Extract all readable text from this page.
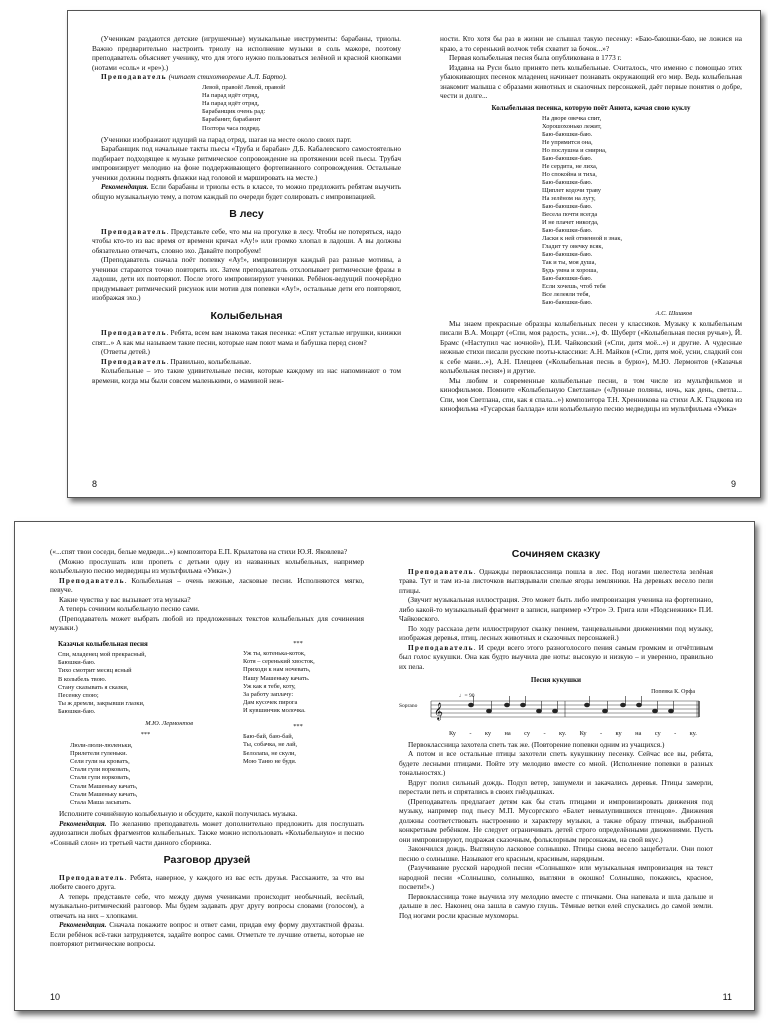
(Ученикам раздаются детские (игрушечные) музыкальные инструменты: барабаны, триолы. Важно предварительно настроить триолу на исполнение музыки в соль мажоре, поэтому преподаватель объясняет ученику, что для этого нужно пользоваться зелёной и красной кнопками (нотами «соль» и «ре»).)

Преподаватель (читает стихотворение А.Л. Барто).

Левой, правой! Левой, правой!
На парад идёт отряд,
На парад идёт отряд,
Барабанщик очень рад:
Барабанит, барабанит
Полтора часа подряд.

(Ученики изображают идущий на парад отряд, шагая на месте около своих парт.

Барабанщик под начальные такты пьесы «Труба и барабан» Д.Б. Кабалевского самостоятельно подбирает подходящее к музыке ритмическое сопровождение на протяжении всей пьесы. Трубач импровизирует мелодию на фоне поддерживающего фортепианного сопровождения. Остальные ученики должны поднять флажки над головой и маршировать на месте.)

Рекомендация. Если барабаны и триолы есть в классе, то можно предложить ребятам выучить общую музыкальную тему, а потом каждый по очереди будет солировать с импровизацией.

В лесу

Преподаватель. Представьте себе, что мы на прогулке в лесу. Чтобы не потеряться, надо чтобы кто-то из вас время от времени кричал «Ау!» или громко хлопал в ладоши. А вы должны обязательно отвечать, словно эхо. Давайте попробуем!

(Преподаватель сначала поёт попевку «Ау!», импровизируя каждый раз разные мотивы, а ученики стараются точно повторить их. Затем преподаватель отхлопывает ритмические фразы в ладоши, дети их повторяют. После этого импровизируют ученики. Ребёнок-ведущий поочерёдно придумывает ритмический рисунок или мотив для попевки «Ау!», остальные дети его повторяют, изображая эхо.)

Колыбельная

Преподаватель. Ребята, всем вам знакома такая песенка: «Спят усталые игрушки, книжки спят...» А как мы называем такие песни, которые нам поют мама и бабушка перед сном?

(Ответы детей.)

Преподаватель. Правильно, колыбельные.

Колыбельные – это такие удивительные песни, которые каждому из нас напоминают о том времени, когда мы были совсем маленькими, о маминой неж-

8

ности. Кто хотя бы раз в жизни не слышал такую песенку: «Баю-баюшки-баю, не ложися на краю, а то серенький волчок тебя схватит за бочок...»?

Первая колыбельная песня была опубликована в 1773 г.

Издавна на Руси было принято петь колыбельные. Считалось, что именно с помощью этих убаюкивающих песенок младенец начинает познавать окружающий его мир. Ведь колыбельная знакомит малыша с образами животных и сказочных персонажей, даёт первые понятия о добре, чести и долге...

Колыбельная песенка, которую поёт Анюта, качая свою куклу
На дворе овечка спит,
Хорошохонько лежит,
Баю-баюшки-баю.
Не упрямится она,
Но послушна и смирна,
Баю-баюшки-баю.
Не сердита, не лиха,
Но спокойна и тиха,
Баю-баюшки-баю.
Щиплет кодочи траву
На зелёном на лугу,
Баю-баюшки-баю.
Весела почти всегда
И не плачет никогда,
Баю-баюшки-баю.
Ласки к ней отменной в знак,
Гладит ту овечку всяк,
Баю-баюшки-баю.
Так и ты, моя душа,
Будь умна и хороша,
Баю-баюшки-баю.
Если хочешь, чтоб тебя
Все лелеяли тебя,
Баю-баюшки-баю.
А.С. Шишков

Мы знаем прекрасные образцы колыбельных песен у классиков. Музыку к колыбельным писали В.А. Моцарт («Спи, моя радость, усни...»), Ф. Шуберт («Колыбельная песня ручья»), Й. Брамс («Наступил час ночной»), П.И. Чайковский («Спи, дитя моё...») и другие. А чудесные нежные стихи писали русские поэты-классики: А.Н. Майков («Спи, дитя моё, усни, сладкий сон к себе мани...»), А.Н. Плещеев («Колыбельная песнь в бурю»), М.Ю. Лермонтов («Казачья колыбельная песня») и другие.

Мы любим и современные колыбельные песни, в том числе из мультфильмов и кинофильмов. Помните «Колыбельную Светланы» («Лунные поляны, ночь, как день, светла... Спи, моя Светлана, спи, как я спала...») композитора Т.Н. Хренникова на стихи А.К. Гладкова из кинофильма «Гусарская баллада» или колыбельную песню медведицы из мультфильма «Умка»

9

(«...спят твои соседи, белые медведи...») композитора Е.П. Крылатова на стихи Ю.Я. Яковлева?

(Можно прослушать или пропеть с детьми одну из названных колыбельных, например колыбельную песню медведицы из мультфильма «Умка».)

Преподаватель. Колыбельная – очень нежные, ласковые песни. Исполняются мягко, певуче.

Какие чувства у вас вызывает эта музыка?

А теперь сочиним колыбельную песню сами.

(Преподаватель может выбрать любой из предложенных текстов колыбельных для сочинения музыки.)

Казачья колыбельная песня
Спи, младенец мой прекрасный,
Баюшки-баю.
Тихо смотрит месяц ясный
В колыбель твою.
Стану сказывать я сказки,
Песенку спою;
Ты ж дремли, закрывши глазки,
Баюшки-баю.
М.Ю. Лермонтов
***
Люли-люли-люленьки,
Прилетели гуленьки.
Сели гули на кроватъ,
Стали гули ворковать,
Стали гули ворковать,
Стали Машеньку качать,
Стали Машеньку качать,
Стала Маша засыпать.
***
Уж ты, котенька-коток,
Котя – серенький хвосток,
Приходи к нам ночевать,
Нашу Машеньку качать.
Уж как я тебе, коту,
За работу заплачу:
Дам кусочек пирога
И кувшинчик молочка.
***
Баю-бай, баю-бай,
Ты, собачка, не лай,
Белолапа, не скули,
Мою Таню не буди.

Исполните сочинённую колыбельную и обсудите, какой получилась музыка.

Рекомендация. По желанию преподаватель может дополнительно предложить для послушать аудиозаписи любых фрагментов колыбельных. Также можно использовать «Колыбельную» и песню «Сонный слон» из третьей части данного сборника.

Разговор друзей

Преподаватель. Ребята, наверное, у каждого из вас есть друзья. Расскажите, за что вы любите своего друга.

А теперь представьте себе, что между двумя учениками происходит необычный, весёлый, музыкально-ритмический разговор. Мы будем задавать друг другу вопросы словами (голосом), а отвечать на них – хлопками.

Рекомендация. Сначала покажите вопрос и ответ сами, придав ему форму двухтактной фразы. Если ребёнок всё-таки затрудняется, задайте вопрос сами. Отметьте те лучшие ответы, которые не повторяют ритмические вопросы.

10
Сочиняем сказку

Преподаватель. Однажды первоклассница пошла в лес. Под ногами шелестела зелёная трава. Тут и там из-за листочков выглядывали спелые ягоды земляники. На деревьях весело пели птицы.

(Звучит музыкальная иллюстрация. Это может быть либо импровизация ученика на фортепиано, либо какой-то музыкальный фрагмент в записи, например «Утро» Э. Грига или «Подснежник» П.И. Чайковского.

По ходу рассказа дети иллюстрируют сказку пением, танцевальными движениями под музыку, изображая деревья, птиц, лесных животных и сказочных персонажей.)

Преподаватель. И среди всего этого разноголосого пения самым громким и отчётливым был голос кукушки. Она как будто выучила две ноты: высокую и низкую – и уверенно, правильно их пела.

Песня кукушки
Попевка К. Орфа
♩= 90
Soprano 𝄞
Ку - ку на су - ку. Ку - ку на су - ку.

Первоклассница захотела спеть так же. (Повторение попевки одним из учащихся.)

А потом и все остальные птицы захотели спеть кукушкину песенку. Сейчас все вы, ребята, будете лесными птицами. Пойте эту мелодию вместе со мной. (Исполнение попевки в разных тональностях.)

Вдруг полил сильный дождь. Подул ветер, зашумели и закачались деревья. Птицы замерли, перестали петь и спрятались в своих гнёздышках.

(Преподаватель предлагает детям как бы стать птицами и импровизировать движения под музыку, например под пьесу М.П. Мусоргского «Балет невылупившихся птенцов». Движения должны соответствовать настроению и характеру музыки, а также образу птички, выбранной конкретным ребёнком. Не следует ограничивать детей строго определёнными движениями. Пусть они импровизируют, подражая сказочным, фольклорным персонажам, на свой вкус.)

Закончился дождь. Выглянуло ласковое солнышко. Птицы снова весело защебетали. Они поют песню о солнышке. Называют его красным, красивым, нарядным.

(Разучивание русской народной песни «Солнышко» или музыкальная импровизация на текст народной песни «Солнышко, солнышко, выгляни в окошко! Солнышко, покажись, красное, посвети!».)

Первоклассница тоже выучила эту мелодию вместе с птичками. Она напевала и шла дальше и дальше в лес. Наконец она зашла в самую глушь. Тёмные ветки елей спускались до самой земли. Под ногами росли красные мухоморы.

11
